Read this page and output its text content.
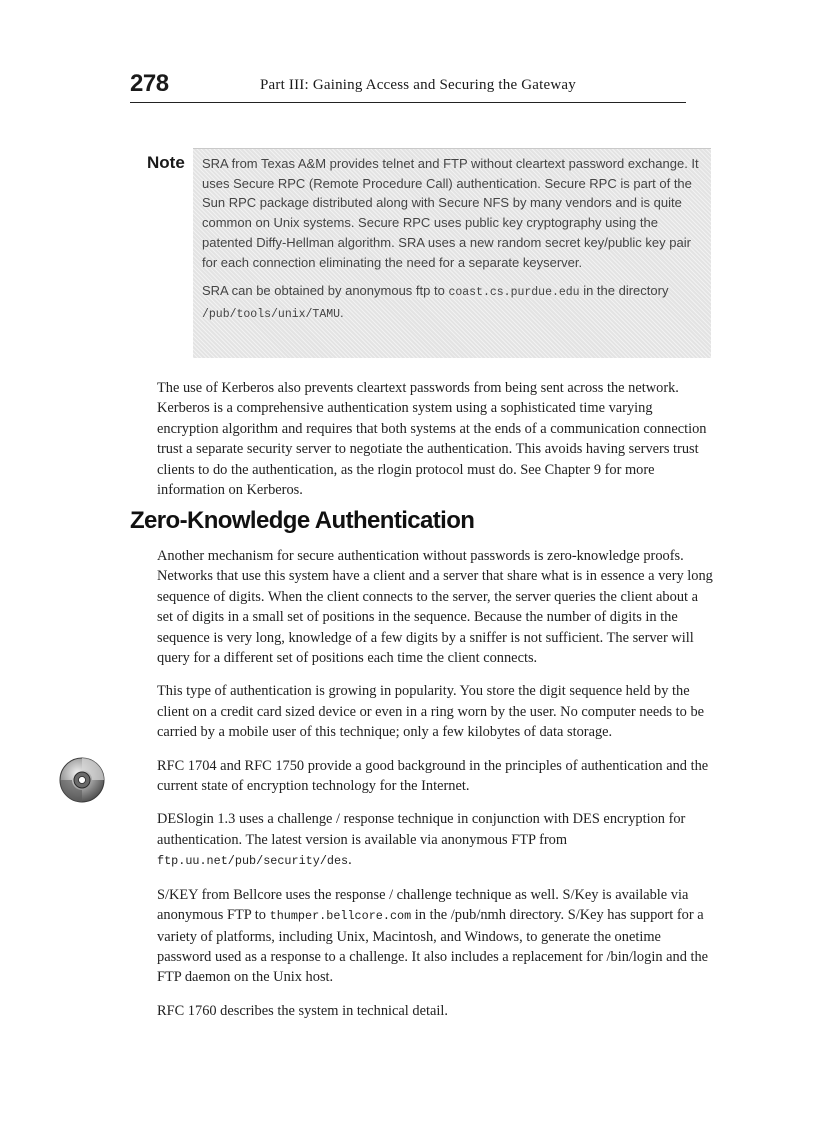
278	Part III: Gaining Access and Securing the Gateway
Note SRA from Texas A&M provides telnet and FTP without cleartext password exchange. It uses Secure RPC (Remote Procedure Call) authentication. Secure RPC is part of the Sun RPC package distributed along with Secure NFS by many vendors and is quite common on Unix systems. Secure RPC uses public key cryptography using the patented Diffy-Hellman algorithm. SRA uses a new random secret key/public key pair for each connection eliminating the need for a separate keyserver.

SRA can be obtained by anonymous ftp to coast.cs.purdue.edu in the directory /pub/tools/unix/TAMU.

The use of Kerberos also prevents cleartext passwords from being sent across the network. Kerberos is a comprehensive authentication system using a sophisticated time varying encryption algorithm and requires that both systems at the ends of a communication connection trust a separate security server to negotiate the authentication. This avoids having servers trust clients to do the authentication, as the rlogin protocol must do. See Chapter 9 for more information on Kerberos.

Zero-Knowledge Authentication

Another mechanism for secure authentication without passwords is zero-knowledge proofs. Networks that use this system have a client and a server that share what is in essence a very long sequence of digits. When the client connects to the server, the server queries the client about a set of digits in a small set of positions in the sequence. Because the number of digits in the sequence is very long, knowledge of a few digits by a sniffer is not sufficient. The server will query for a different set of positions each time the client connects.

This type of authentication is growing in popularity. You store the digit sequence held by the client on a credit card sized device or even in a ring worn by the user. No computer needs to be carried by a mobile user of this technique; only a few kilobytes of data storage.

RFC 1704 and RFC 1750 provide a good background in the principles of authentication and the current state of encryption technology for the Internet.

DESlogin 1.3 uses a challenge / response technique in conjunction with DES encryption for authentication. The latest version is available via anonymous FTP from ftp.uu.net/pub/security/des.

S/KEY from Bellcore uses the response / challenge technique as well. S/Key is available via anonymous FTP to thumper.bellcore.com in the /pub/nmh directory. S/Key has support for a variety of platforms, including Unix, Macintosh, and Windows, to generate the onetime password used as a response to a challenge. It also includes a replacement for /bin/login and the FTP daemon on the Unix host.

RFC 1760 describes the system in technical detail.
